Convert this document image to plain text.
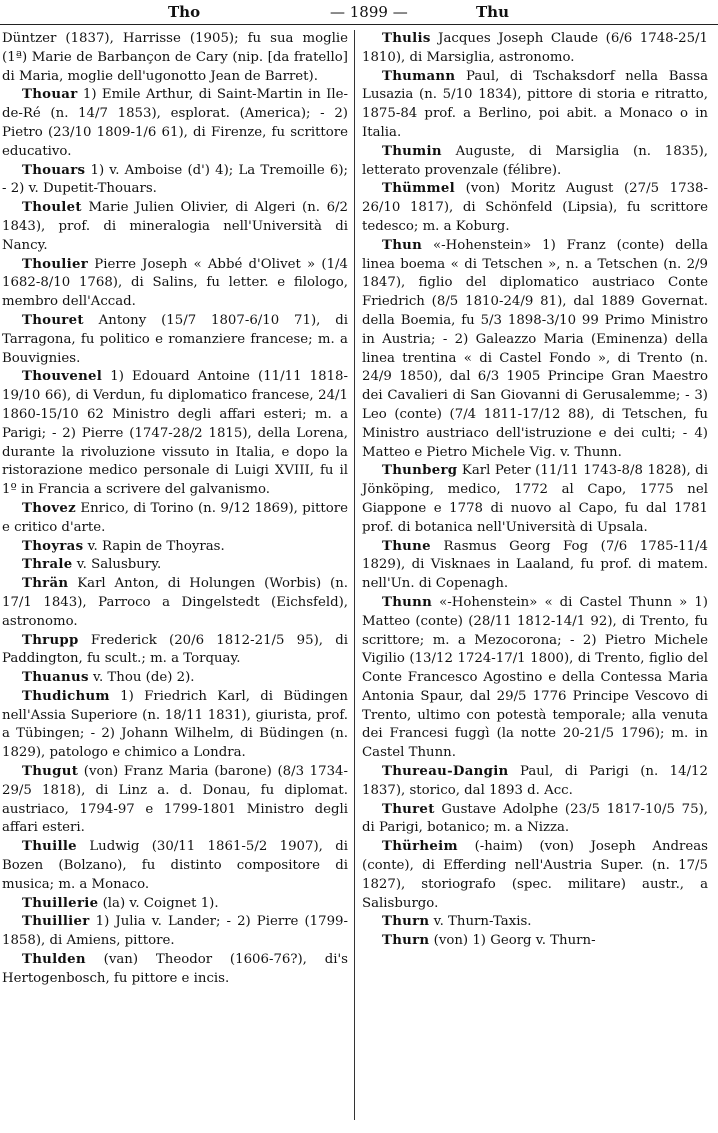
Tho	— 1899 —	Thu

Düntzer (1837), Harrisse (1905); fu sua moglie (1ª) Marie de Barbançon de Cary (nip. [da fratello] di Maria, moglie dell'ugonotto Jean de Barret).

Thouar 1) Emile Arthur, di Saint-Martin in Ile-de-Ré (n. 14/7 1853), esplorat. (America); - 2) Pietro (23/10 1809-1/6 61), di Firenze, fu scrittore educativo.

Thouars 1) v. Amboise (d') 4); La Tremoille 6); - 2) v. Dupetit-Thouars.

Thoulet Marie Julien Olivier, di Algeri (n. 6/2 1843), prof. di mineralogia nell'Università di Nancy.

Thoulier Pierre Joseph « Abbé d'Olivet » (1/4 1682-8/10 1768), di Salins, fu letter. e filologo, membro dell'Accad.

Thouret Antony (15/7 1807-6/10 71), di Tarragona, fu politico e romanziere francese; m. a Bouvignies.

Thouvenel 1) Edouard Antoine (11/11 1818-19/10 66), di Verdun, fu diplomatico francese, 24/1 1860-15/10 62 Ministro degli affari esteri; m. a Parigi; - 2) Pierre (1747-28/2 1815), della Lorena, durante la rivoluzione vissuto in Italia, e dopo la ristorazione medico personale di Luigi XVIII, fu il 1º in Francia a scrivere del galvanismo.

Thovez Enrico, di Torino (n. 9/12 1869), pittore e critico d'arte.

Thoyras v. Rapin de Thoyras.

Thrale v. Salusbury.

Thrän Karl Anton, di Holungen (Worbis) (n. 17/1 1843), Parroco a Dingelstedt (Eichsfeld), astronomo.

Thrupp Frederick (20/6 1812-21/5 95), di Paddington, fu scult.; m. a Torquay.

Thuanus v. Thou (de) 2).

Thudichum 1) Friedrich Karl, di Büdingen nell'Assia Superiore (n. 18/11 1831), giurista, prof. a Tübingen; - 2) Johann Wilhelm, di Büdingen (n. 1829), patologo e chimico a Londra.

Thugut (von) Franz Maria (barone) (8/3 1734-29/5 1818), di Linz a. d. Donau, fu diplomat. austriaco, 1794-97 e 1799-1801 Ministro degli affari esteri.

Thuille Ludwig (30/11 1861-5/2 1907), di Bozen (Bolzano), fu distinto compositore di musica; m. a Monaco.

Thuillerie (la) v. Coignet 1).

Thuillier 1) Julia v. Lander; - 2) Pierre (1799-1858), di Amiens, pittore.

Thulden (van) Theodor (1606-76?), di's Hertogenbosch, fu pittore e incis.

Thulis Jacques Joseph Claude (6/6 1748-25/1 1810), di Marsiglia, astronomo.

Thumann Paul, di Tschaksdorf nella Bassa Lusazia (n. 5/10 1834), pittore di storia e ritratto, 1875-84 prof. a Berlino, poi abit. a Monaco o in Italia.

Thumin Auguste, di Marsiglia (n. 1835), letterato provenzale (félibre).

Thümmel (von) Moritz August (27/5 1738-26/10 1817), di Schönfeld (Lipsia), fu scrittore tedesco; m. a Koburg.

Thun «-Hohenstein» 1) Franz (conte) della linea boema « di Tetschen », n. a Tetschen (n. 2/9 1847), figlio del diplomatico austriaco Conte Friedrich (8/5 1810-24/9 81), dal 1889 Governat. della Boemia, fu 5/3 1898-3/10 99 Primo Ministro in Austria; - 2) Galeazzo Maria (Eminenza) della linea trentina « di Castel Fondo », di Trento (n. 24/9 1850), dal 6/3 1905 Principe Gran Maestro dei Cavalieri di San Giovanni di Gerusalemme; - 3) Leo (conte) (7/4 1811-17/12 88), di Tetschen, fu Ministro austriaco dell'istruzione e dei culti; - 4) Matteo e Pietro Michele Vig. v. Thunn.

Thunberg Karl Peter (11/11 1743-8/8 1828), di Jönköping, medico, 1772 al Capo, 1775 nel Giappone e 1778 di nuovo al Capo, fu dal 1781 prof. di botanica nell'Università di Upsala.

Thune Rasmus Georg Fog (7/6 1785-11/4 1829), di Visknaes in Laaland, fu prof. di matem. nell'Un. di Copenagh.

Thunn «-Hohenstein» « di Castel Thunn » 1) Matteo (conte) (28/11 1812-14/1 92), di Trento, fu scrittore; m. a Mezocorona; - 2) Pietro Michele Vigilio (13/12 1724-17/1 1800), di Trento, figlio del Conte Francesco Agostino e della Contessa Maria Antonia Spaur, dal 29/5 1776 Principe Vescovo di Trento, ultimo con potestà temporale; alla venuta dei Francesi fuggì (la notte 20-21/5 1796); m. in Castel Thunn.

Thureau-Dangin Paul, di Parigi (n. 14/12 1837), storico, dal 1893 d. Acc.

Thuret Gustave Adolphe (23/5 1817-10/5 75), di Parigi, botanico; m. a Nizza.

Thürheim (-haim) (von) Joseph Andreas (conte), di Efferding nell'Austria Super. (n. 17/5 1827), storiografo (spec. militare) austr., a Salisburgo.

Thurn v. Thurn-Taxis.

Thurn (von) 1) Georg v. Thurn-
